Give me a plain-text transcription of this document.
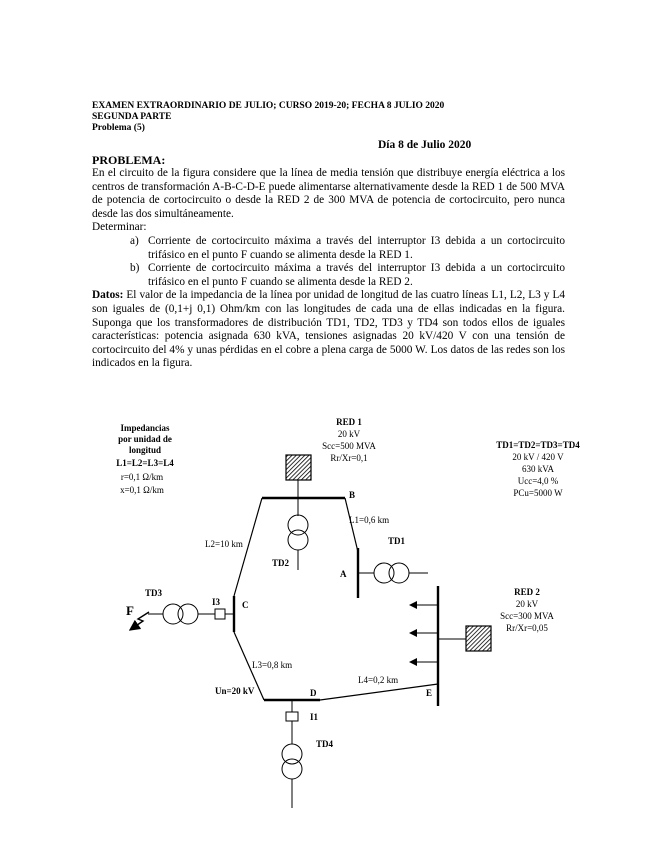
EXAMEN EXTRAORDINARIO DE JULIO; CURSO 2019-20; FECHA 8 JULIO 2020
SEGUNDA PARTE
Problema (5)
Día 8 de Julio 2020
PROBLEMA:

En el circuito de la figura considere que la línea de media tensión que distribuye energía eléctrica a los centros de transformación A-B-C-D-E puede alimentarse alternativamente desde la RED 1 de 500 MVA de potencia de cortocircuito o desde la RED 2 de 300 MVA de potencia de cortocircuito, pero nunca desde las dos simultáneamente.

Determinar:

a) Corriente de cortocircuito máxima a través del interruptor I3 debida a un cortocircuito trifásico en el punto F cuando se alimenta desde la RED 1.
b) Corriente de cortocircuito máxima a través del interruptor I3 debida a un cortocircuito trifásico en el punto F cuando se alimenta desde la RED 2.

Datos: El valor de la impedancia de la línea por unidad de longitud de las cuatro líneas L1, L2, L3 y L4 son iguales de (0,1+j 0,1) Ohm/km con las longitudes de cada una de ellas indicadas en la figura. Suponga que los transformadores de distribución TD1, TD2, TD3 y TD4 son todos ellos de iguales características: potencia asignada 630 kVA, tensiones asignadas 20 kV/420 V con una tensión de cortocircuito del 4% y unas pérdidas en el cobre a plena carga de 5000 W. Los datos de las redes son los indicados en la figura.

Impedancias
por unidad de
longitud
L1=L2=L3=L4
r=0,1 Ω/km
x=0,1 Ω/km
RED 1
20 kV
Scc=500 MVA
Rr/Xr=0,1
TD1=TD2=TD3=TD4
20 kV / 420 V
630 kVA
Ucc=4,0 %
PCu=5000 W
B
TD2
L1=0,6 km
A
TD1
L2=10 km
C
I3
TD3
F
L3=0,8 km
Un=20 kV	D
I1
TD4
L4=0,2 km
E
RED 2
20 kV
Scc=300 MVA
Rr/Xr=0,05
